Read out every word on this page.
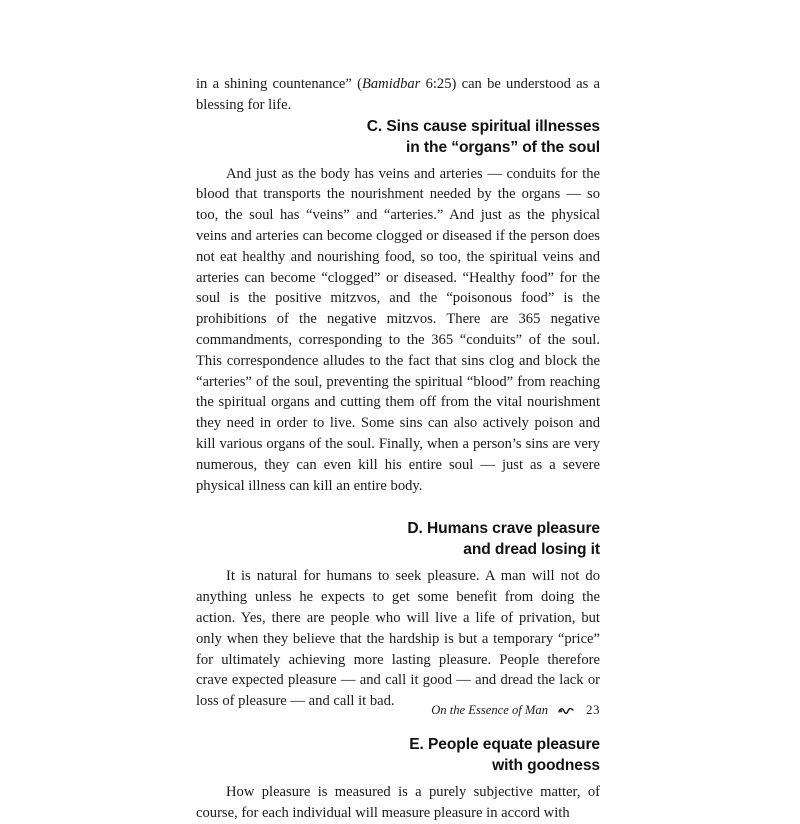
in a shining countenance” (Bamidbar 6:25) can be understood as a blessing for life.

C. Sins cause spiritual illnesses
in the “organs” of the soul

And just as the body has veins and arteries — conduits for the blood that transports the nourishment needed by the organs — so too, the soul has “veins” and “arteries.” And just as the physical veins and arteries can become clogged or diseased if the person does not eat healthy and nourishing food, so too, the spiritual veins and arteries can become “clogged” or diseased. “Healthy food” for the soul is the positive mitzvos, and the “poisonous food” is the prohibitions of the negative mitzvos. There are 365 negative commandments, corresponding to the 365 “conduits” of the soul. This correspondence alludes to the fact that sins clog and block the “arteries” of the soul, preventing the spiritual “blood” from reaching the spiritual organs and cutting them off from the vital nourishment they need in order to live. Some sins can also actively poison and kill various organs of the soul. Finally, when a person’s sins are very numerous, they can even kill his entire soul — just as a severe physical illness can kill an entire body.

D. Humans crave pleasure
and dread losing it

It is natural for humans to seek pleasure. A man will not do anything unless he expects to get some benefit from doing the action. Yes, there are people who will live a life of privation, but only when they believe that the hardship is but a temporary “price” for ultimately achieving more lasting pleasure. People therefore crave expected pleasure — and call it good — and dread the lack or loss of pleasure — and call it bad.

E. People equate pleasure
with goodness

How pleasure is measured is a purely subjective matter, of course, for each individual will measure pleasure in accord with

On the Essence of Man	23
